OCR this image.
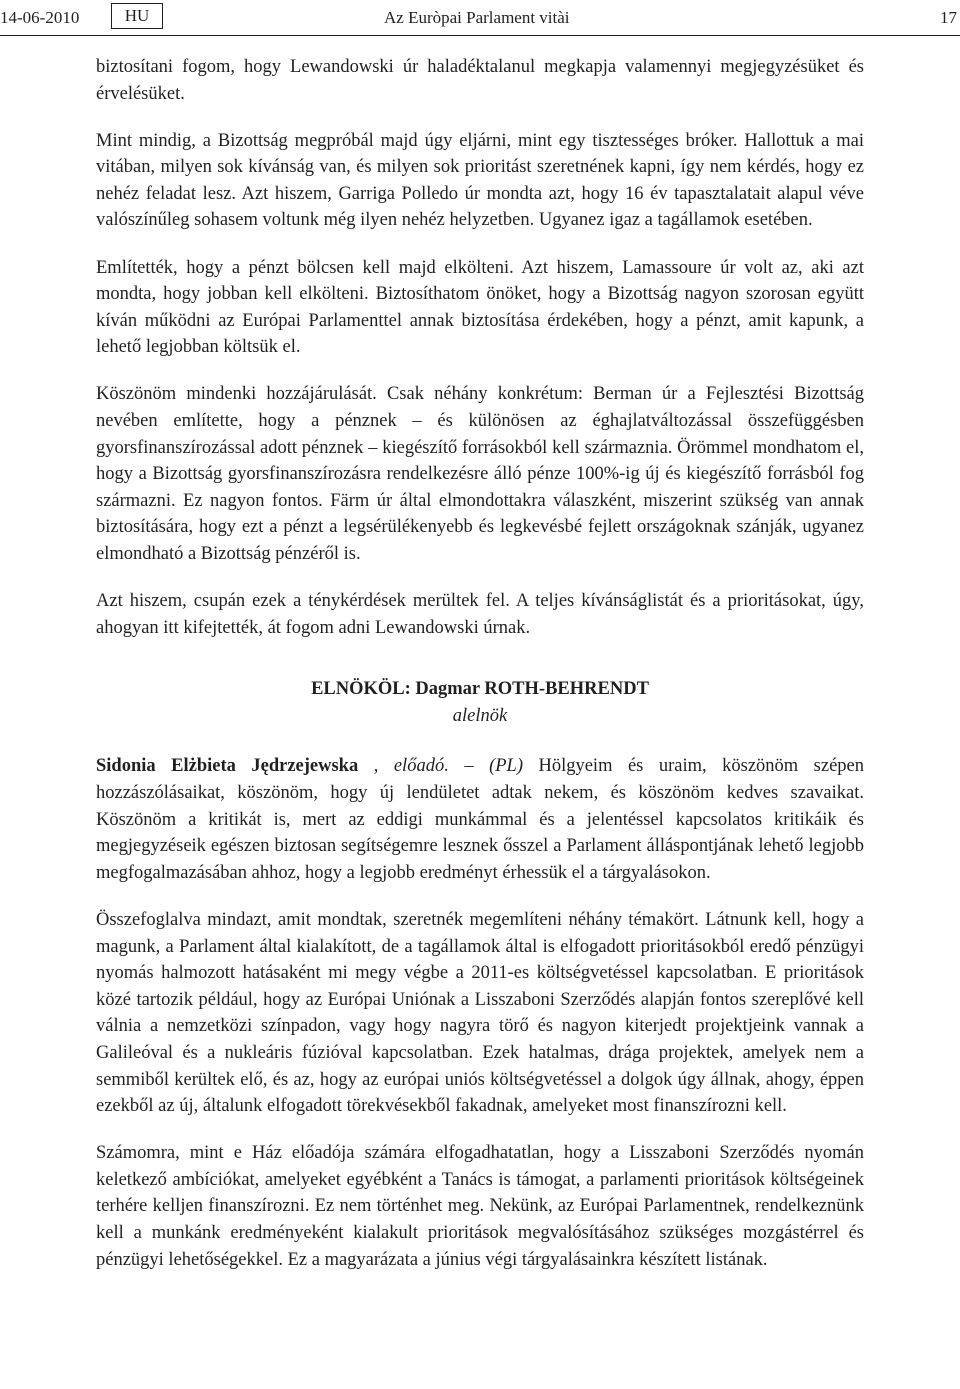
14-06-2010	HU	Az Euròpai Parlament vitài	17

biztosítani fogom, hogy Lewandowski úr haladéktalanul megkapja valamennyi megjegyzésüket és érvelésüket.

Mint mindig, a Bizottság megpróbál majd úgy eljárni, mint egy tisztességes bróker. Hallottuk a mai vitában, milyen sok kívánság van, és milyen sok prioritást szeretnének kapni, így nem kérdés, hogy ez nehéz feladat lesz. Azt hiszem, Garriga Polledo úr mondta azt, hogy 16 év tapasztalatait alapul véve valószínűleg sohasem voltunk még ilyen nehéz helyzetben. Ugyanez igaz a tagállamok esetében.

Említették, hogy a pénzt bölcsen kell majd elkölteni. Azt hiszem, Lamassoure úr volt az, aki azt mondta, hogy jobban kell elkölteni. Biztosíthatom önöket, hogy a Bizottság nagyon szorosan együtt kíván működni az Európai Parlamenttel annak biztosítása érdekében, hogy a pénzt, amit kapunk, a lehető legjobban költsük el.

Köszönöm mindenki hozzájárulását. Csak néhány konkrétum: Berman úr a Fejlesztési Bizottság nevében említette, hogy a pénznek – és különösen az éghajlatváltozással összefüggésben gyorsfinanszírozással adott pénznek – kiegészítő forrásokból kell származnia. Örömmel mondhatom el, hogy a Bizottság gyorsfinanszírozásra rendelkezésre álló pénze 100%-ig új és kiegészítő forrásból fog származni. Ez nagyon fontos. Färm úr által elmondottakra válaszként, miszerint szükség van annak biztosítására, hogy ezt a pénzt a legsérülékenyebb és legkevésbé fejlett országoknak szánják, ugyanez elmondható a Bizottság pénzéről is.

Azt hiszem, csupán ezek a ténykérdések merültek fel. A teljes kívánságlistát és a prioritásokat, úgy, ahogyan itt kifejtették, át fogom adni Lewandowski úrnak.

ELNÖKÖL: Dagmar ROTH-BEHRENDT
alelnök

Sidonia Elżbieta Jędrzejewska , előadó. – (PL) Hölgyeim és uraim, köszönöm szépen hozzászólásaikat, köszönöm, hogy új lendületet adtak nekem, és köszönöm kedves szavaikat. Köszönöm a kritikát is, mert az eddigi munkámmal és a jelentéssel kapcsolatos kritikáik és megjegyzéseik egészen biztosan segítségemre lesznek ősszel a Parlament álláspontjának lehető legjobb megfogalmazásában ahhoz, hogy a legjobb eredményt érhessük el a tárgyalásokon.

Összefoglalva mindazt, amit mondtak, szeretnék megemlíteni néhány témakört. Látnunk kell, hogy a magunk, a Parlament által kialakított, de a tagállamok által is elfogadott prioritásokból eredő pénzügyi nyomás halmozott hatásaként mi megy végbe a 2011-es költségvetéssel kapcsolatban. E prioritások közé tartozik például, hogy az Európai Uniónak a Lisszaboni Szerződés alapján fontos szereplővé kell válnia a nemzetközi színpadon, vagy hogy nagyra törő és nagyon kiterjedt projektjeink vannak a Galileóval és a nukleáris fúzióval kapcsolatban. Ezek hatalmas, drága projektek, amelyek nem a semmiből kerültek elő, és az, hogy az európai uniós költségvetéssel a dolgok úgy állnak, ahogy, éppen ezekből az új, általunk elfogadott törekvésekből fakadnak, amelyeket most finanszírozni kell.

Számomra, mint e Ház előadója számára elfogadhatatlan, hogy a Lisszaboni Szerződés nyomán keletkező ambíciókat, amelyeket egyébként a Tanács is támogat, a parlamenti prioritások költségeinek terhére kelljen finanszírozni. Ez nem történhet meg. Nekünk, az Európai Parlamentnek, rendelkeznünk kell a munkánk eredményeként kialakult prioritások megvalósításához szükséges mozgástérrel és pénzügyi lehetőségekkel. Ez a magyarázata a június végi tárgyalásainkra készített listának.
